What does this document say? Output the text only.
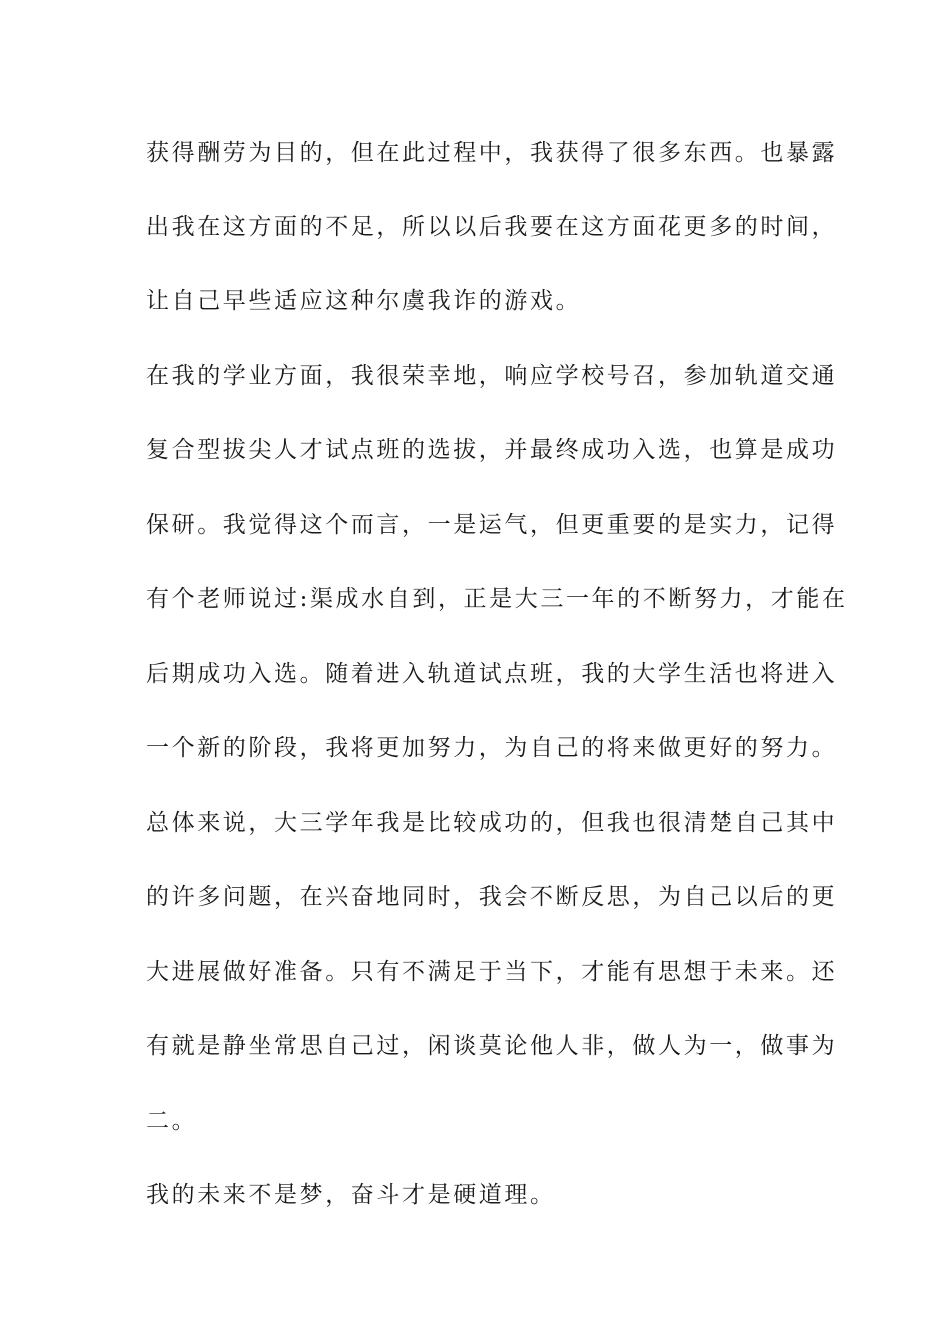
获得酬劳为目的，但在此过程中，我获得了很多东西。也暴露
出我在这方面的不足，所以以后我要在这方面花更多的时间，
让自己早些适应这种尔虞我诈的游戏。
在我的学业方面，我很荣幸地，响应学校号召，参加轨道交通
复合型拔尖人才试点班的选拔，并最终成功入选，也算是成功
保研。我觉得这个而言，一是运气，但更重要的是实力，记得
有个老师说过:渠成水自到，正是大三一年的不断努力，才能在
后期成功入选。随着进入轨道试点班，我的大学生活也将进入
一个新的阶段，我将更加努力，为自己的将来做更好的努力。
总体来说，大三学年我是比较成功的，但我也很清楚自己其中
的许多问题，在兴奋地同时，我会不断反思，为自己以后的更
大进展做好准备。只有不满足于当下，才能有思想于未来。还
有就是静坐常思自己过，闲谈莫论他人非，做人为一，做事为
二。
我的未来不是梦，奋斗才是硬道理。
